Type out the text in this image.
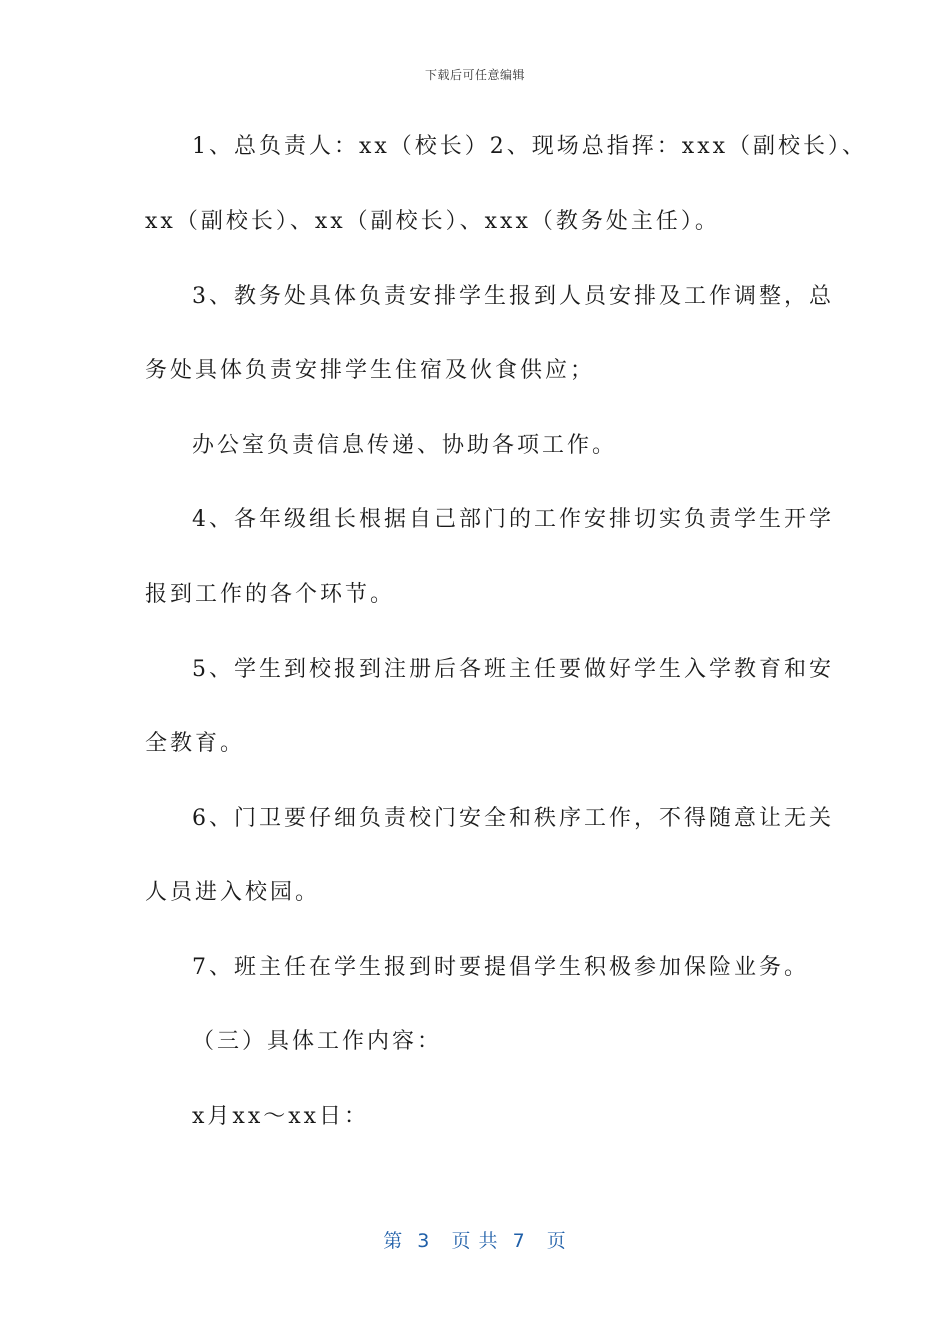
下载后可任意编辑
1、总负责人：xx（校长）2、现场总指挥：xxx（副校长）、
xx（副校长）、xx（副校长）、xxx（教务处主任）。
3、教务处具体负责安排学生报到人员安排及工作调整，总
务处具体负责安排学生住宿及伙食供应；
办公室负责信息传递、协助各项工作。
4、各年级组长根据自己部门的工作安排切实负责学生开学
报到工作的各个环节。
5、学生到校报到注册后各班主任要做好学生入学教育和安
全教育。
6、门卫要仔细负责校门安全和秩序工作，不得随意让无关
人员进入校园。
7、班主任在学生报到时要提倡学生积极参加保险业务。
（三）具体工作内容：
x月xx～xx日：
第  3   页 共  7   页
